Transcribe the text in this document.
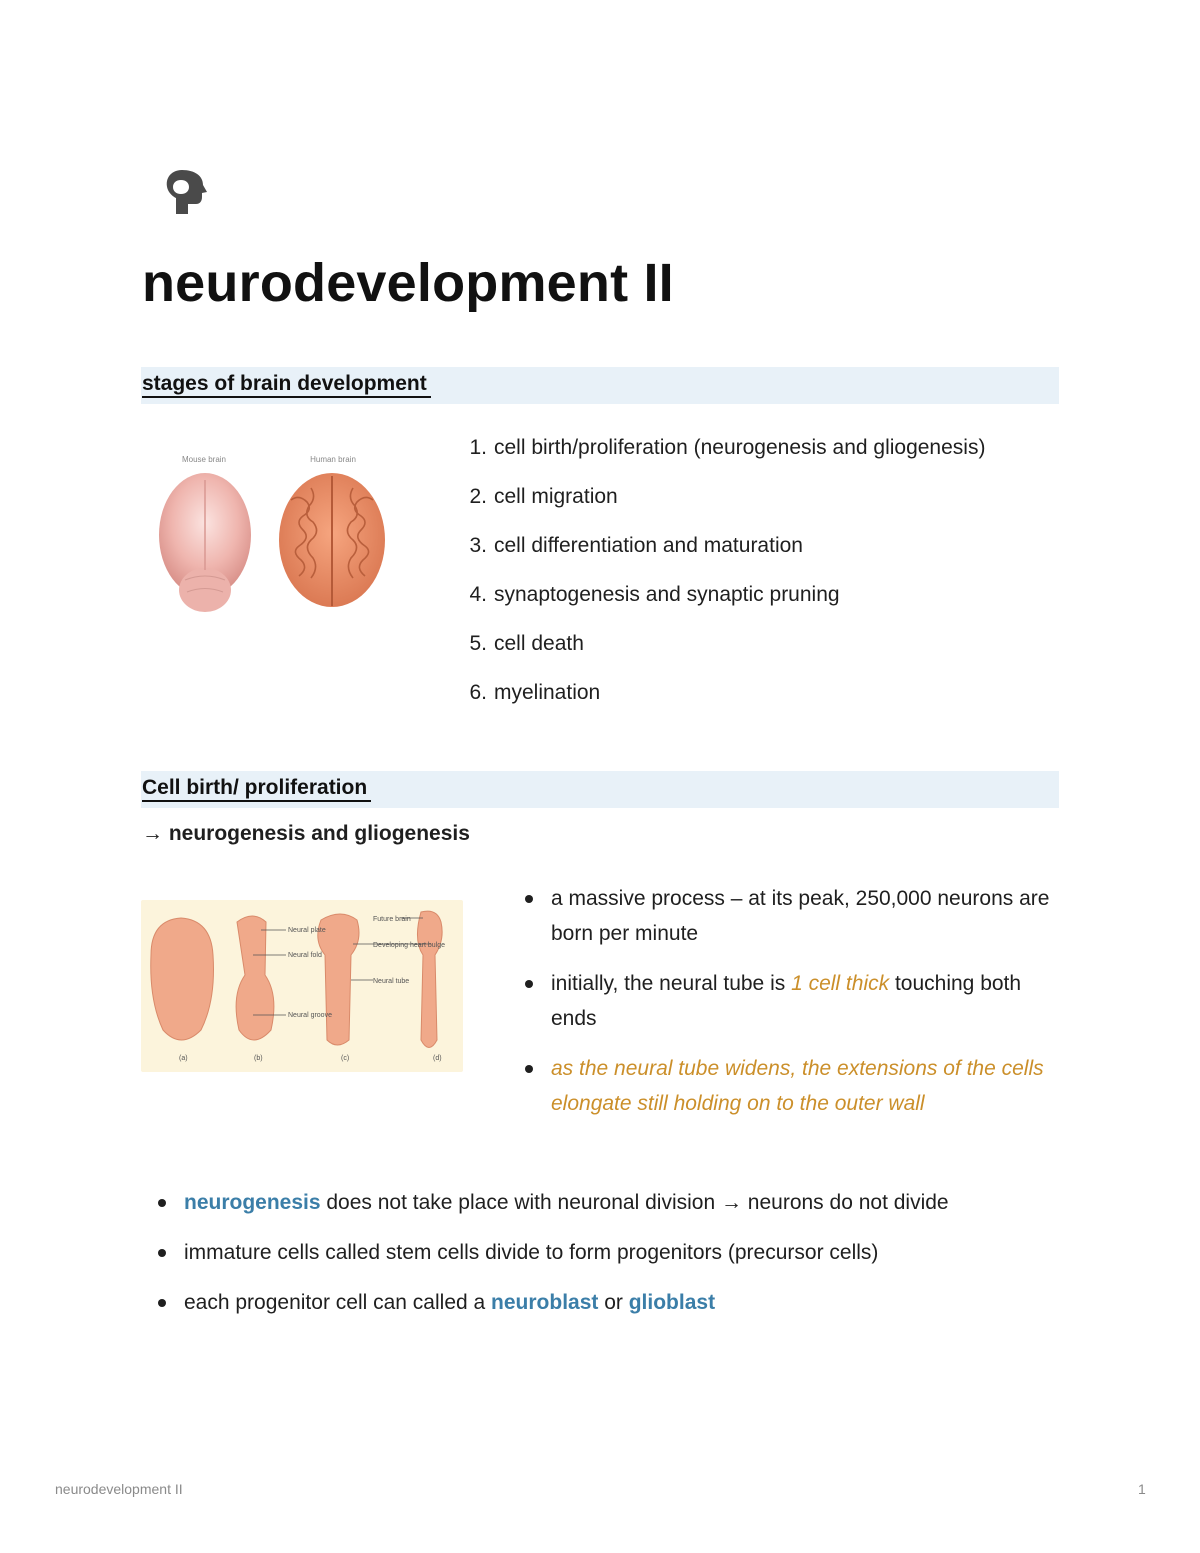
neurodevelopment II
stages of brain development
Mouse brain	Human brain
cell birth/proliferation (neurogenesis and gliogenesis)
cell migration
cell differentiation and maturation
synaptogenesis and synaptic pruning
cell death
myelination
Cell birth/ proliferation

→ neurogenesis and gliogenesis

Neural plate
Neural fold
Neural groove
Future brain
Developing heart bulge
Neural tube
(a)	(b)	(c)	(d)
a massive process – at its peak, 250,000 neurons are born per minute
initially, the neural tube is 1 cell thick touching both ends
as the neural tube widens, the extensions of the cells elongate still holding on to the outer wall
neurogenesis does not take place with neuronal division → neurons do not divide
immature cells called stem cells divide to form progenitors (precursor cells)
each progenitor cell can called a neuroblast or glioblast
neurodevelopment II	1
